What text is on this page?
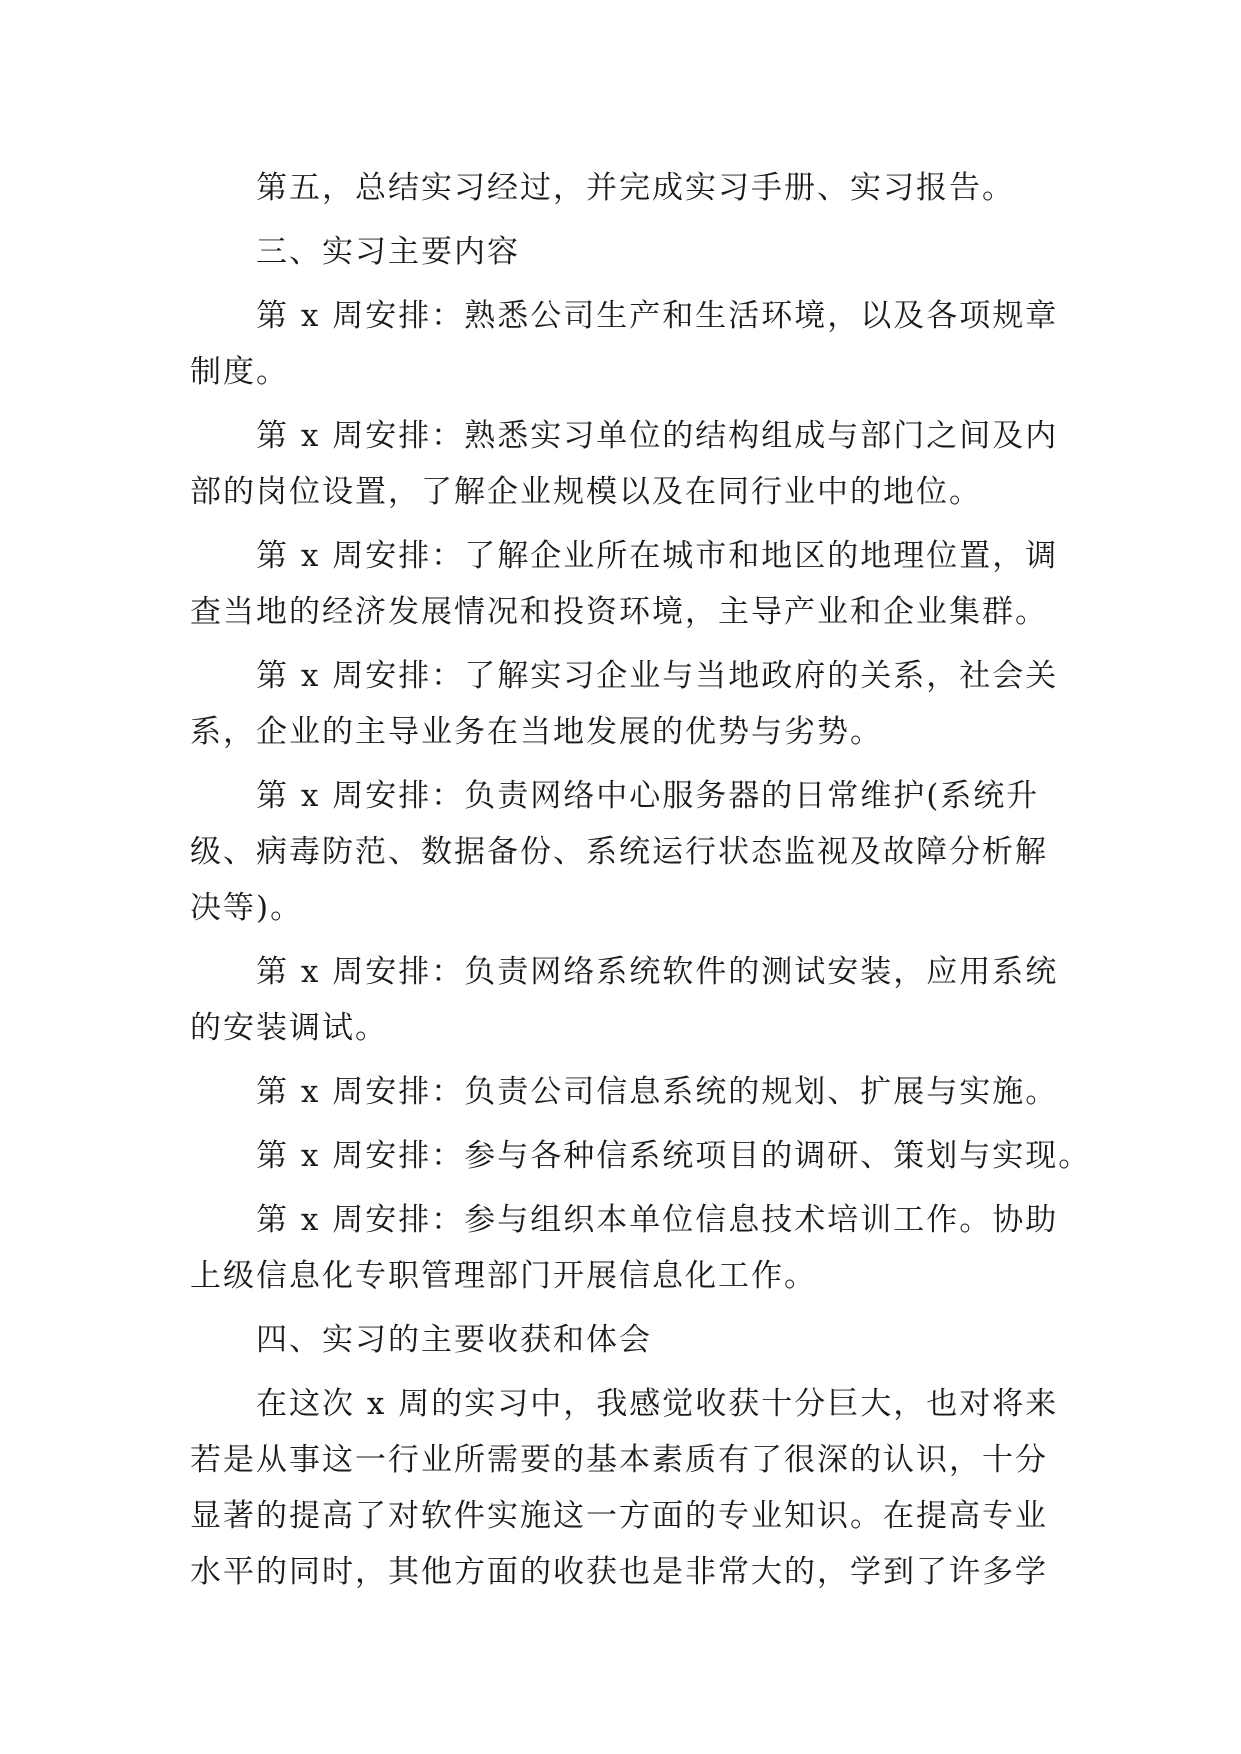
第五，总结实习经过，并完成实习手册、实习报告。

三、实习主要内容

第 x 周安排：熟悉公司生产和生活环境，以及各项规章
制度。

第 x 周安排：熟悉实习单位的结构组成与部门之间及内
部的岗位设置，了解企业规模以及在同行业中的地位。

第 x 周安排：了解企业所在城市和地区的地理位置，调
查当地的经济发展情况和投资环境，主导产业和企业集群。

第 x 周安排：了解实习企业与当地政府的关系，社会关
系，企业的主导业务在当地发展的优势与劣势。

第 x 周安排：负责网络中心服务器的日常维护(系统升
级、病毒防范、数据备份、系统运行状态监视及故障分析解
决等)。

第 x 周安排：负责网络系统软件的测试安装，应用系统
的安装调试。

第 x 周安排：负责公司信息系统的规划、扩展与实施。

第 x 周安排：参与各种信系统项目的调研、策划与实现。

第 x 周安排：参与组织本单位信息技术培训工作。协助
上级信息化专职管理部门开展信息化工作。

四、实习的主要收获和体会

在这次 x 周的实习中，我感觉收获十分巨大，也对将来
若是从事这一行业所需要的基本素质有了很深的认识，十分
显著的提高了对软件实施这一方面的专业知识。在提高专业
水平的同时，其他方面的收获也是非常大的，学到了许多学
